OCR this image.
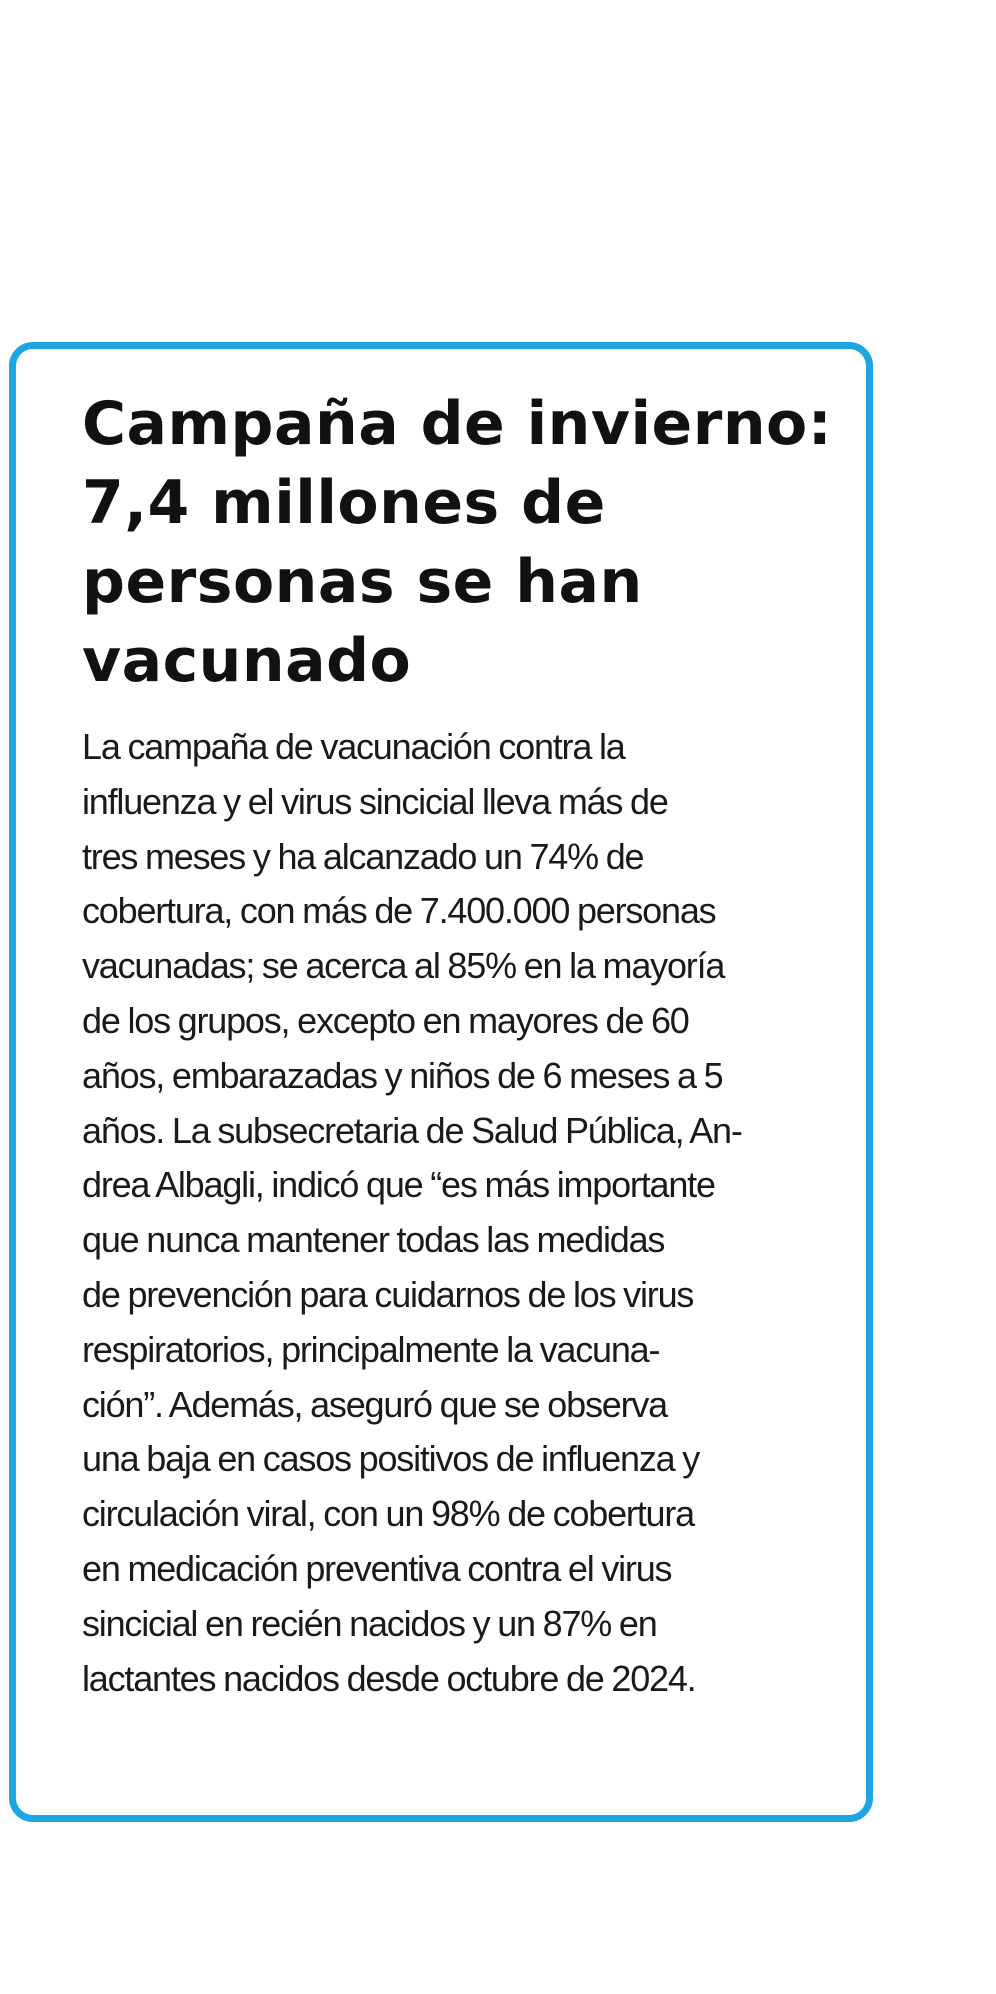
Campaña de invierno:
7,4 millones de
personas se han
vacunado

La campaña de vacunación contra la
influenza y el virus sincicial lleva más de
tres meses y ha alcanzado un 74% de
cobertura, con más de 7.400.000 personas
vacunadas; se acerca al 85% en la mayoría
de los grupos, excepto en mayores de 60
años, embarazadas y niños de 6 meses a 5
años. La subsecretaria de Salud Pública, An-
drea Albagli, indicó que “es más importante
que nunca mantener todas las medidas
de prevención para cuidarnos de los virus
respiratorios, principalmente la vacuna-
ción”. Además, aseguró que se observa
una baja en casos positivos de influenza y
circulación viral, con un 98% de cobertura
en medicación preventiva contra el virus
sincicial en recién nacidos y un 87% en
lactantes nacidos desde octubre de 2024.
